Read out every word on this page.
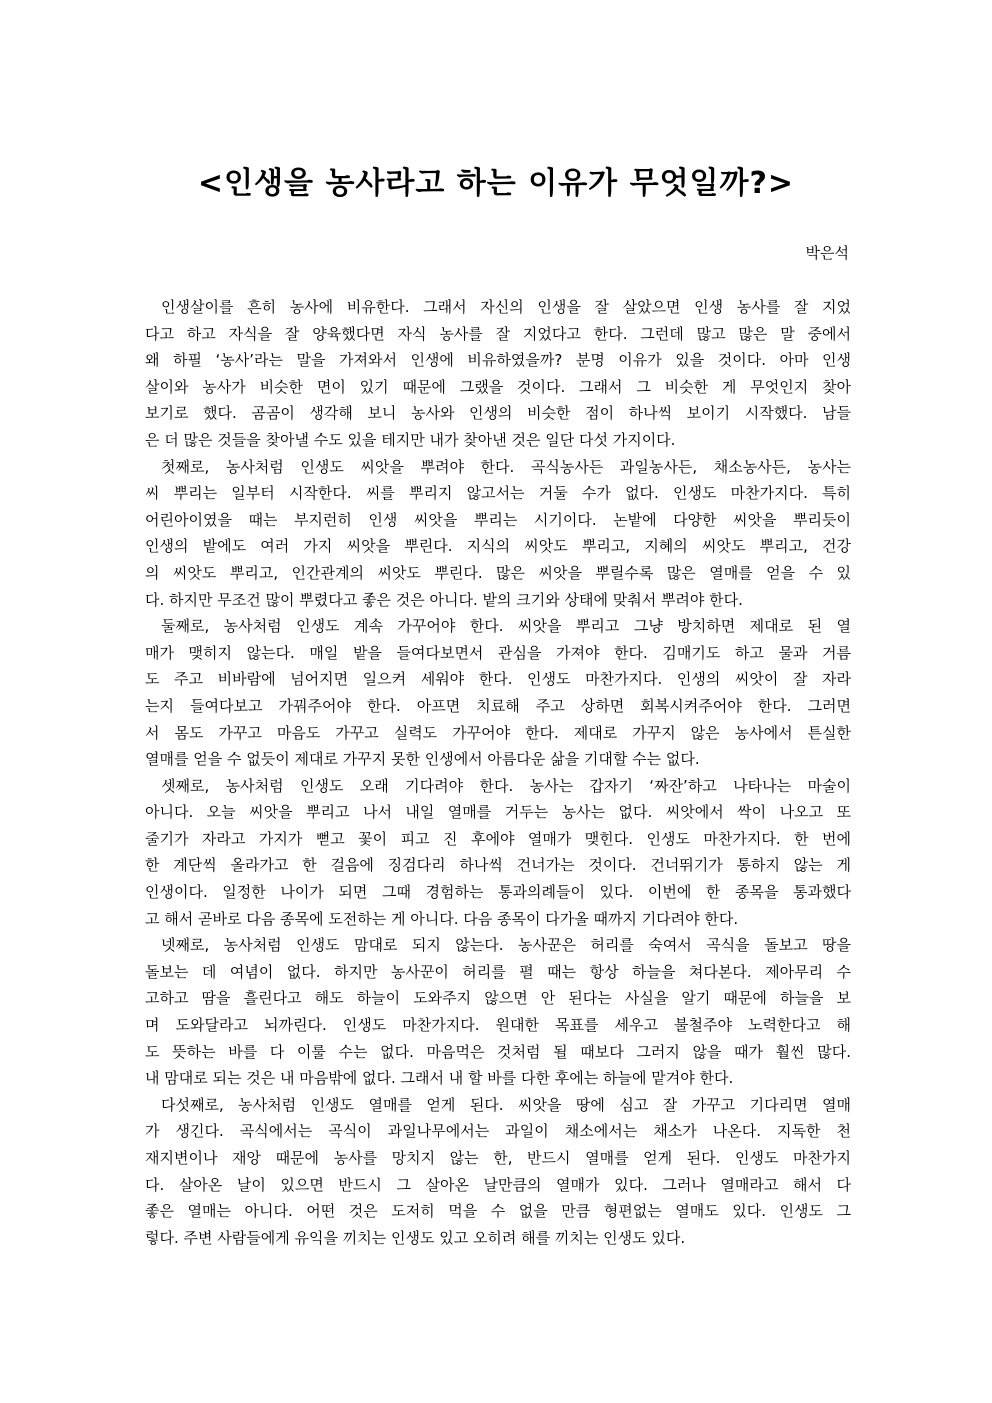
<인생을 농사라고 하는 이유가 무엇일까?>
박은석
인생살이를 흔히 농사에 비유한다. 그래서 자신의 인생을 잘 살았으면 인생 농사를 잘 지었
다고 하고 자식을 잘 양육했다면 자식 농사를 잘 지었다고 한다. 그런데 많고 많은 말 중에서
왜 하필 ‘농사’라는 말을 가져와서 인생에 비유하였을까? 분명 이유가 있을 것이다. 아마 인생
살이와 농사가 비슷한 면이 있기 때문에 그랬을 것이다. 그래서 그 비슷한 게 무엇인지 찾아
보기로 했다. 곰곰이 생각해 보니 농사와 인생의 비슷한 점이 하나씩 보이기 시작했다. 남들
은 더 많은 것들을 찾아낼 수도 있을 테지만 내가 찾아낸 것은 일단 다섯 가지이다.
첫째로, 농사처럼 인생도 씨앗을 뿌려야 한다. 곡식농사든 과일농사든, 채소농사든, 농사는
씨 뿌리는 일부터 시작한다. 씨를 뿌리지 않고서는 거둘 수가 없다. 인생도 마찬가지다. 특히
어린아이였을 때는 부지런히 인생 씨앗을 뿌리는 시기이다. 논밭에 다양한 씨앗을 뿌리듯이
인생의 밭에도 여러 가지 씨앗을 뿌린다. 지식의 씨앗도 뿌리고, 지혜의 씨앗도 뿌리고, 건강
의 씨앗도 뿌리고, 인간관계의 씨앗도 뿌린다. 많은 씨앗을 뿌릴수록 많은 열매를 얻을 수 있
다. 하지만 무조건 많이 뿌렸다고 좋은 것은 아니다. 밭의 크기와 상태에 맞춰서 뿌려야 한다.
둘째로, 농사처럼 인생도 계속 가꾸어야 한다. 씨앗을 뿌리고 그냥 방치하면 제대로 된 열
매가 맺히지 않는다. 매일 밭을 들여다보면서 관심을 가져야 한다. 김매기도 하고 물과 거름
도 주고 비바람에 넘어지면 일으켜 세워야 한다. 인생도 마찬가지다. 인생의 씨앗이 잘 자라
는지 들여다보고 가꿔주어야 한다. 아프면 치료해 주고 상하면 회복시켜주어야 한다. 그러면
서 몸도 가꾸고 마음도 가꾸고 실력도 가꾸어야 한다. 제대로 가꾸지 않은 농사에서 튼실한
열매를 얻을 수 없듯이 제대로 가꾸지 못한 인생에서 아름다운 삶을 기대할 수는 없다.
셋째로, 농사처럼 인생도 오래 기다려야 한다. 농사는 갑자기 ‘짜잔’하고 나타나는 마술이
아니다. 오늘 씨앗을 뿌리고 나서 내일 열매를 거두는 농사는 없다. 씨앗에서 싹이 나오고 또
줄기가 자라고 가지가 뻗고 꽃이 피고 진 후에야 열매가 맺힌다. 인생도 마찬가지다. 한 번에
한 계단씩 올라가고 한 걸음에 징검다리 하나씩 건너가는 것이다. 건너뛰기가 통하지 않는 게
인생이다. 일정한 나이가 되면 그때 경험하는 통과의례들이 있다. 이번에 한 종목을 통과했다
고 해서 곧바로 다음 종목에 도전하는 게 아니다. 다음 종목이 다가올 때까지 기다려야 한다.
넷째로, 농사처럼 인생도 맘대로 되지 않는다. 농사꾼은 허리를 숙여서 곡식을 돌보고 땅을
돌보는 데 여념이 없다. 하지만 농사꾼이 허리를 펼 때는 항상 하늘을 쳐다본다. 제아무리 수
고하고 땀을 흘린다고 해도 하늘이 도와주지 않으면 안 된다는 사실을 알기 때문에 하늘을 보
며 도와달라고 뇌까린다. 인생도 마찬가지다. 원대한 목표를 세우고 불철주야 노력한다고 해
도 뜻하는 바를 다 이룰 수는 없다. 마음먹은 것처럼 될 때보다 그러지 않을 때가 훨씬 많다.
내 맘대로 되는 것은 내 마음밖에 없다. 그래서 내 할 바를 다한 후에는 하늘에 맡겨야 한다.
다섯째로, 농사처럼 인생도 열매를 얻게 된다. 씨앗을 땅에 심고 잘 가꾸고 기다리면 열매
가 생긴다. 곡식에서는 곡식이 과일나무에서는 과일이 채소에서는 채소가 나온다. 지독한 천
재지변이나 재앙 때문에 농사를 망치지 않는 한, 반드시 열매를 얻게 된다. 인생도 마찬가지
다. 살아온 날이 있으면 반드시 그 살아온 날만큼의 열매가 있다. 그러나 열매라고 해서 다
좋은 열매는 아니다. 어떤 것은 도저히 먹을 수 없을 만큼 형편없는 열매도 있다. 인생도 그
렇다. 주변 사람들에게 유익을 끼치는 인생도 있고 오히려 해를 끼치는 인생도 있다.
